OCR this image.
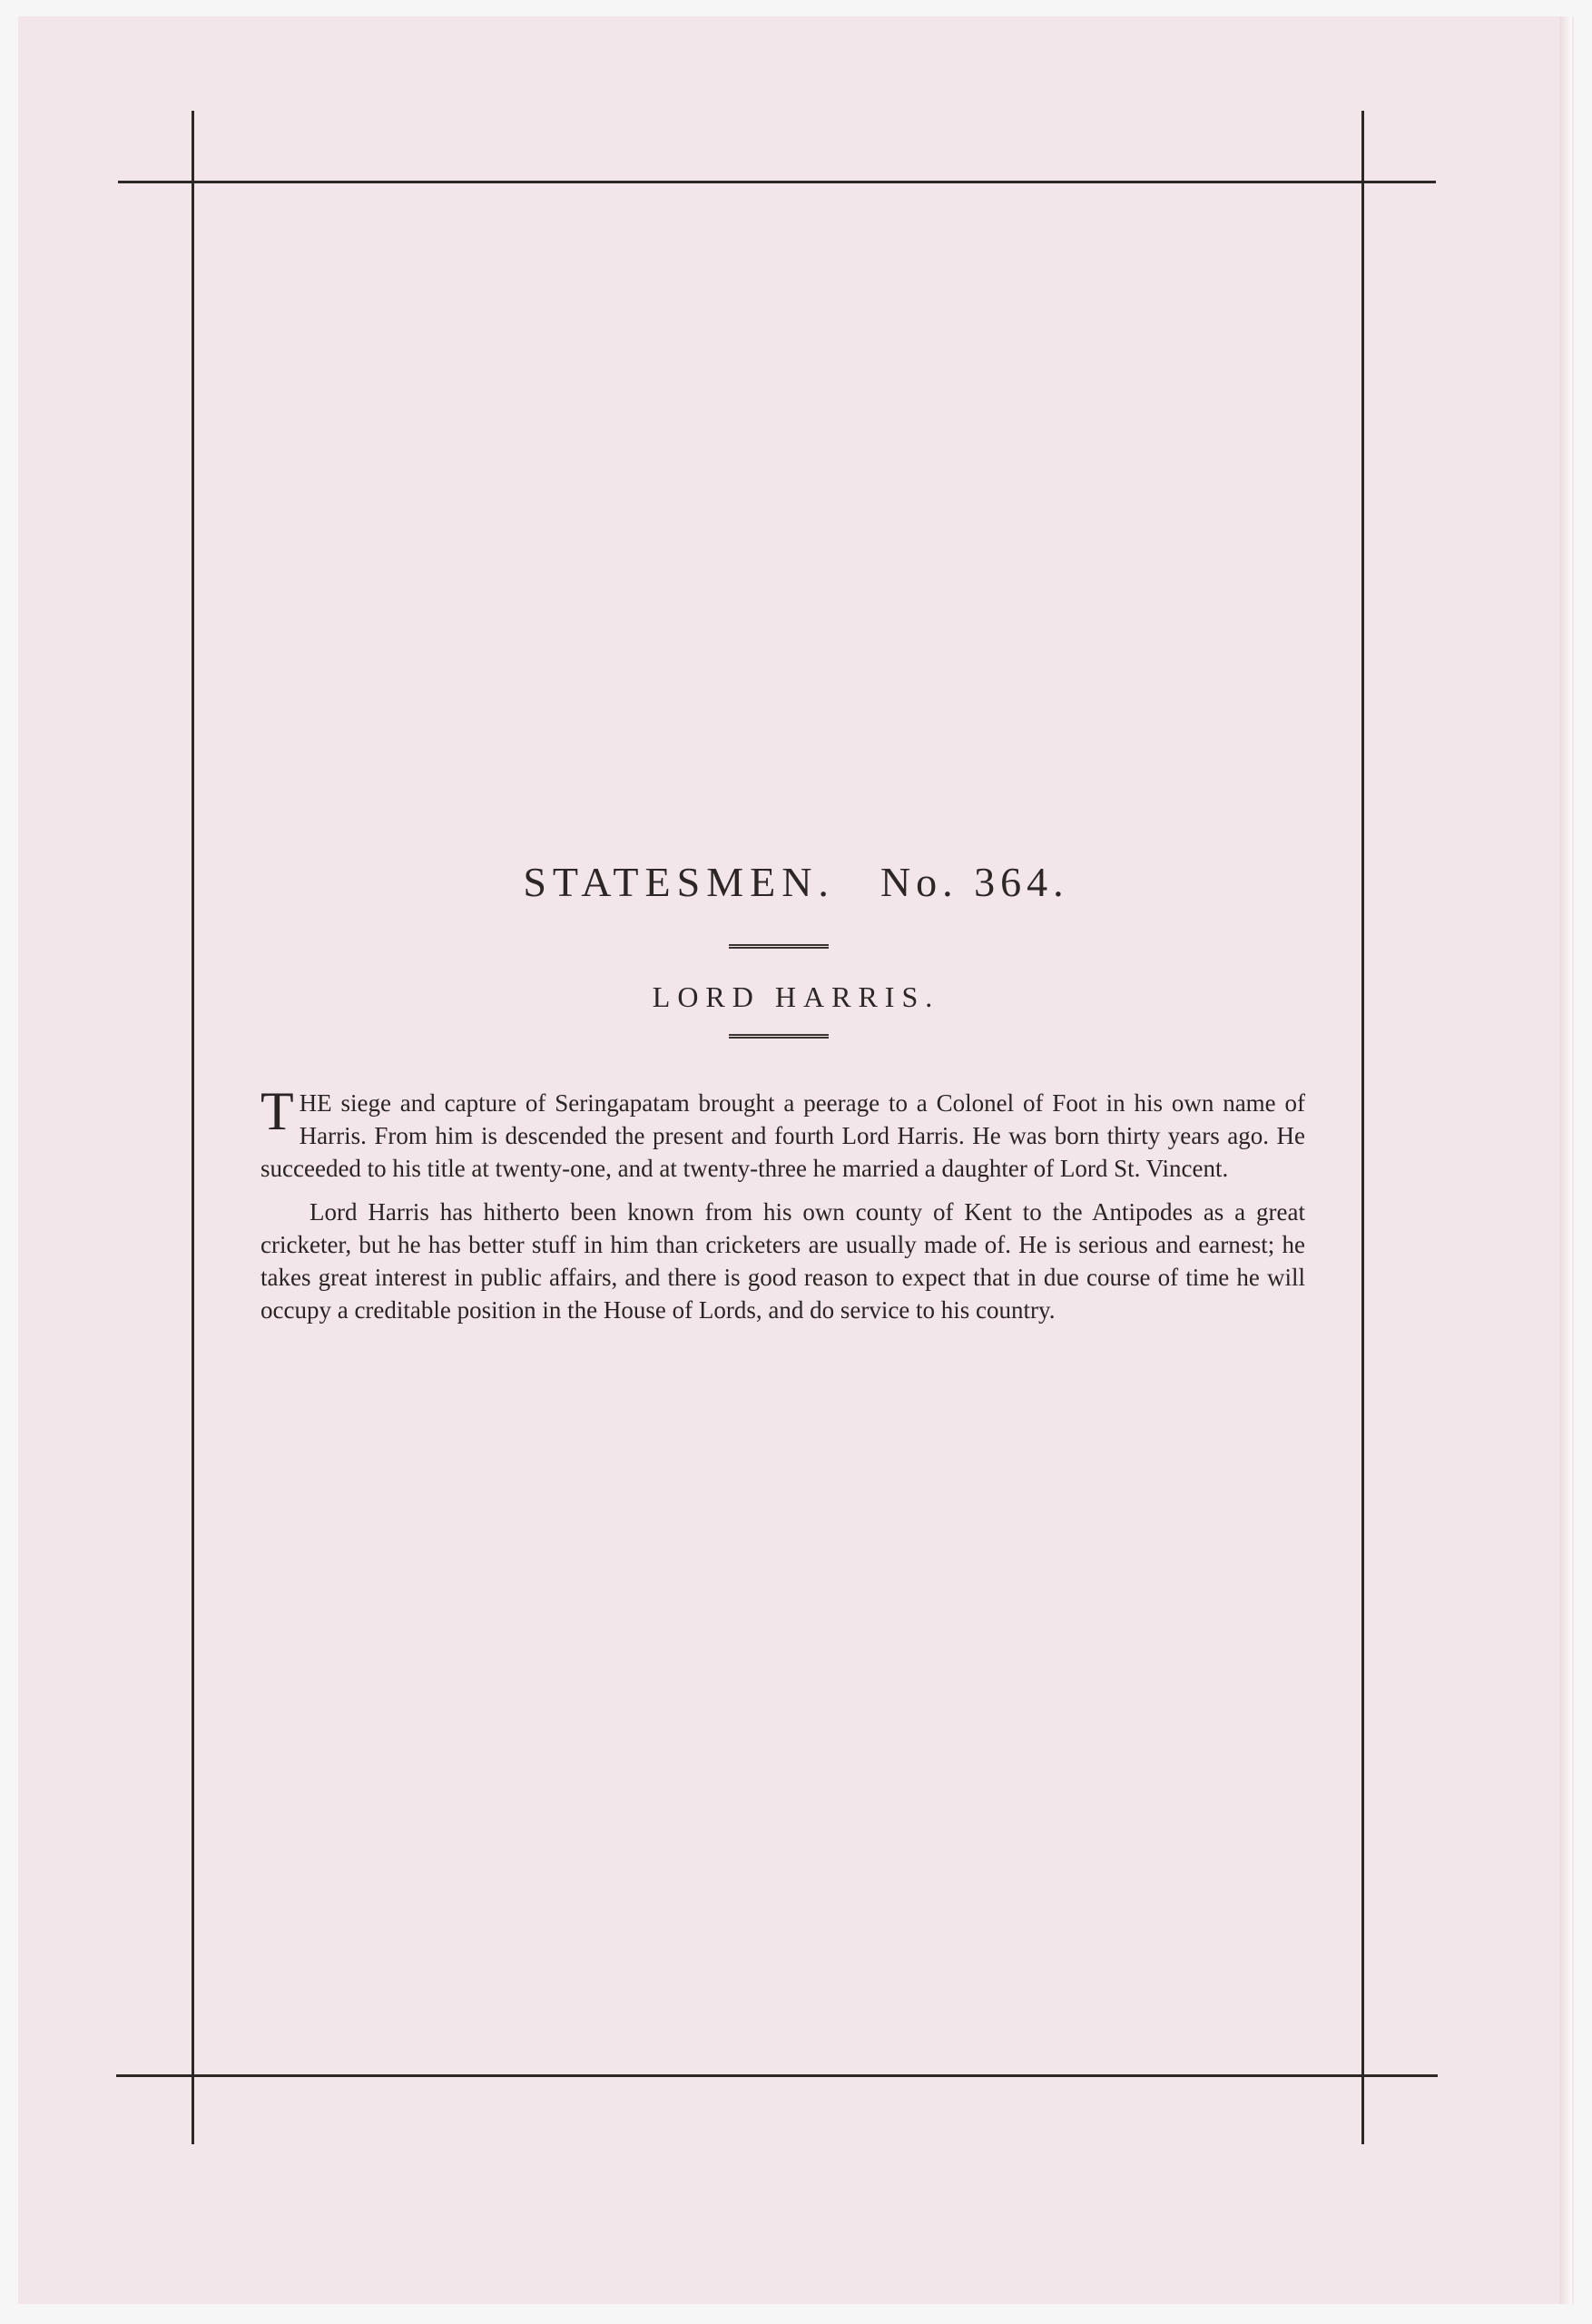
STATESMEN. No. 364.
LORD HARRIS.

THE siege and capture of Seringapatam brought a peerage to a Colonel of Foot in his own name of Harris. From him is descended the present and fourth Lord Harris. He was born thirty years ago. He succeeded to his title at twenty-one, and at twenty-three he married a daughter of Lord St. Vincent.

Lord Harris has hitherto been known from his own county of Kent to the Antipodes as a great cricketer, but he has better stuff in him than cricketers are usually made of. He is serious and earnest; he takes great interest in public affairs, and there is good reason to expect that in due course of time he will occupy a creditable position in the House of Lords, and do service to his country.
